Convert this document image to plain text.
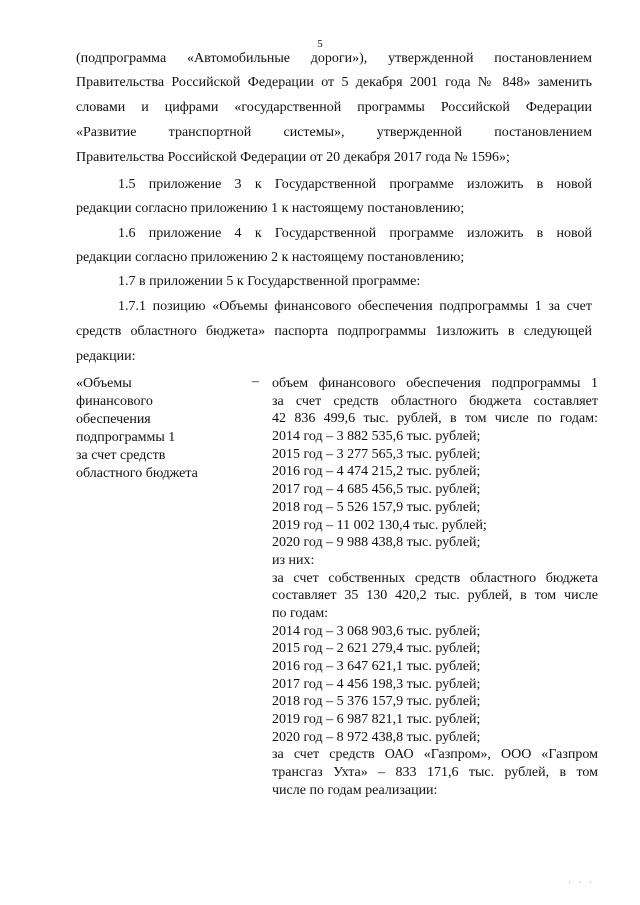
5
(подпрограмма «Автомобильные дороги»), утвержденной постановлением
Правительства Российской Федерации от 5 декабря 2001 года № 848» заменить
словами и цифрами «государственной программы Российской Федерации
«Развитие транспортной системы», утвержденной постановлением
Правительства Российской Федерации от 20 декабря 2017 года № 1596»;
1.5 приложение 3 к Государственной программе изложить в новой
редакции согласно приложению 1 к настоящему постановлению;
1.6 приложение 4 к Государственной программе изложить в новой
редакции согласно приложению 2 к настоящему постановлению;
1.7 в приложении 5 к Государственной программе:
1.7.1 позицию «Объемы финансового обеспечения подпрограммы 1 за счет
средств областного бюджета» паспорта подпрограммы 1изложить в следующей
редакции:
«Объемы
финансового
обеспечения
подпрограммы 1
за счет средств
областного бюджета
– объем финансового обеспечения подпрограммы 1
за счет средств областного бюджета составляет
42 836 499,6 тыс. рублей, в том числе по годам:
2014 год – 3 882 535,6 тыс. рублей;
2015 год – 3 277 565,3 тыс. рублей;
2016 год – 4 474 215,2 тыс. рублей;
2017 год – 4 685 456,5 тыс. рублей;
2018 год – 5 526 157,9 тыс. рублей;
2019 год – 11 002 130,4 тыс. рублей;
2020 год – 9 988 438,8 тыс. рублей;
из них:
за счет собственных средств областного бюджета
составляет 35 130 420,2 тыс. рублей, в том числе
по годам:
2014 год – 3 068 903,6 тыс. рублей;
2015 год – 2 621 279,4 тыс. рублей;
2016 год – 3 647 621,1 тыс. рублей;
2017 год – 4 456 198,3 тыс. рублей;
2018 год – 5 376 157,9 тыс. рублей;
2019 год – 6 987 821,1 тыс. рублей;
2020 год – 8 972 438,8 тыс. рублей;
за счет средств ОАО «Газпром», ООО «Газпром
трансгаз Ухта» – 833 171,6 тыс. рублей, в том
числе по годам реализации:
· · ·
